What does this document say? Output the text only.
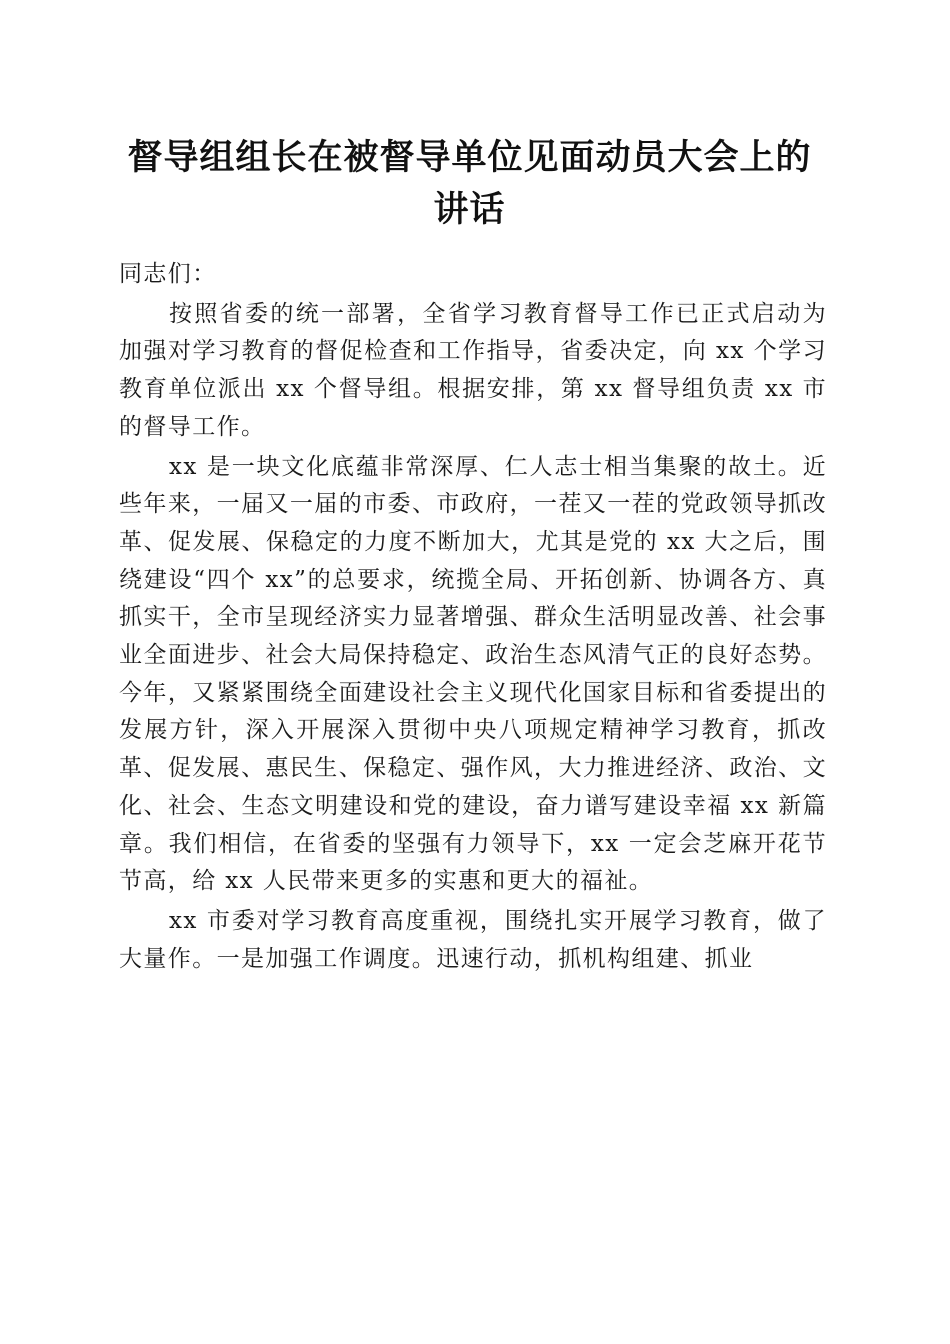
督导组组长在被督导单位见面动员大会上的讲话

同志们：

按照省委的统一部署，全省学习教育督导工作已正式启动为加强对学习教育的督促检查和工作指导，省委决定，向 xx 个学习教育单位派出 xx 个督导组。根据安排，第 xx 督导组负责 xx 市的督导工作。

xx 是一块文化底蕴非常深厚、仁人志士相当集聚的故土。近些年来，一届又一届的市委、市政府，一茬又一茬的党政领导抓改革、促发展、保稳定的力度不断加大，尤其是党的 xx 大之后，围绕建设“四个 xx”的总要求，统揽全局、开拓创新、协调各方、真抓实干，全市呈现经济实力显著增强、群众生活明显改善、社会事业全面进步、社会大局保持稳定、政治生态风清气正的良好态势。今年，又紧紧围绕全面建设社会主义现代化国家目标和省委提出的发展方针，深入开展深入贯彻中央八项规定精神学习教育，抓改革、促发展、惠民生、保稳定、强作风，大力推进经济、政治、文化、社会、生态文明建设和党的建设，奋力谱写建设幸福 xx 新篇章。我们相信，在省委的坚强有力领导下，xx 一定会芝麻开花节节高，给 xx 人民带来更多的实惠和更大的福祉。

xx 市委对学习教育高度重视，围绕扎实开展学习教育，做了大量作。一是加强工作调度。迅速行动，抓机构组建、抓业
